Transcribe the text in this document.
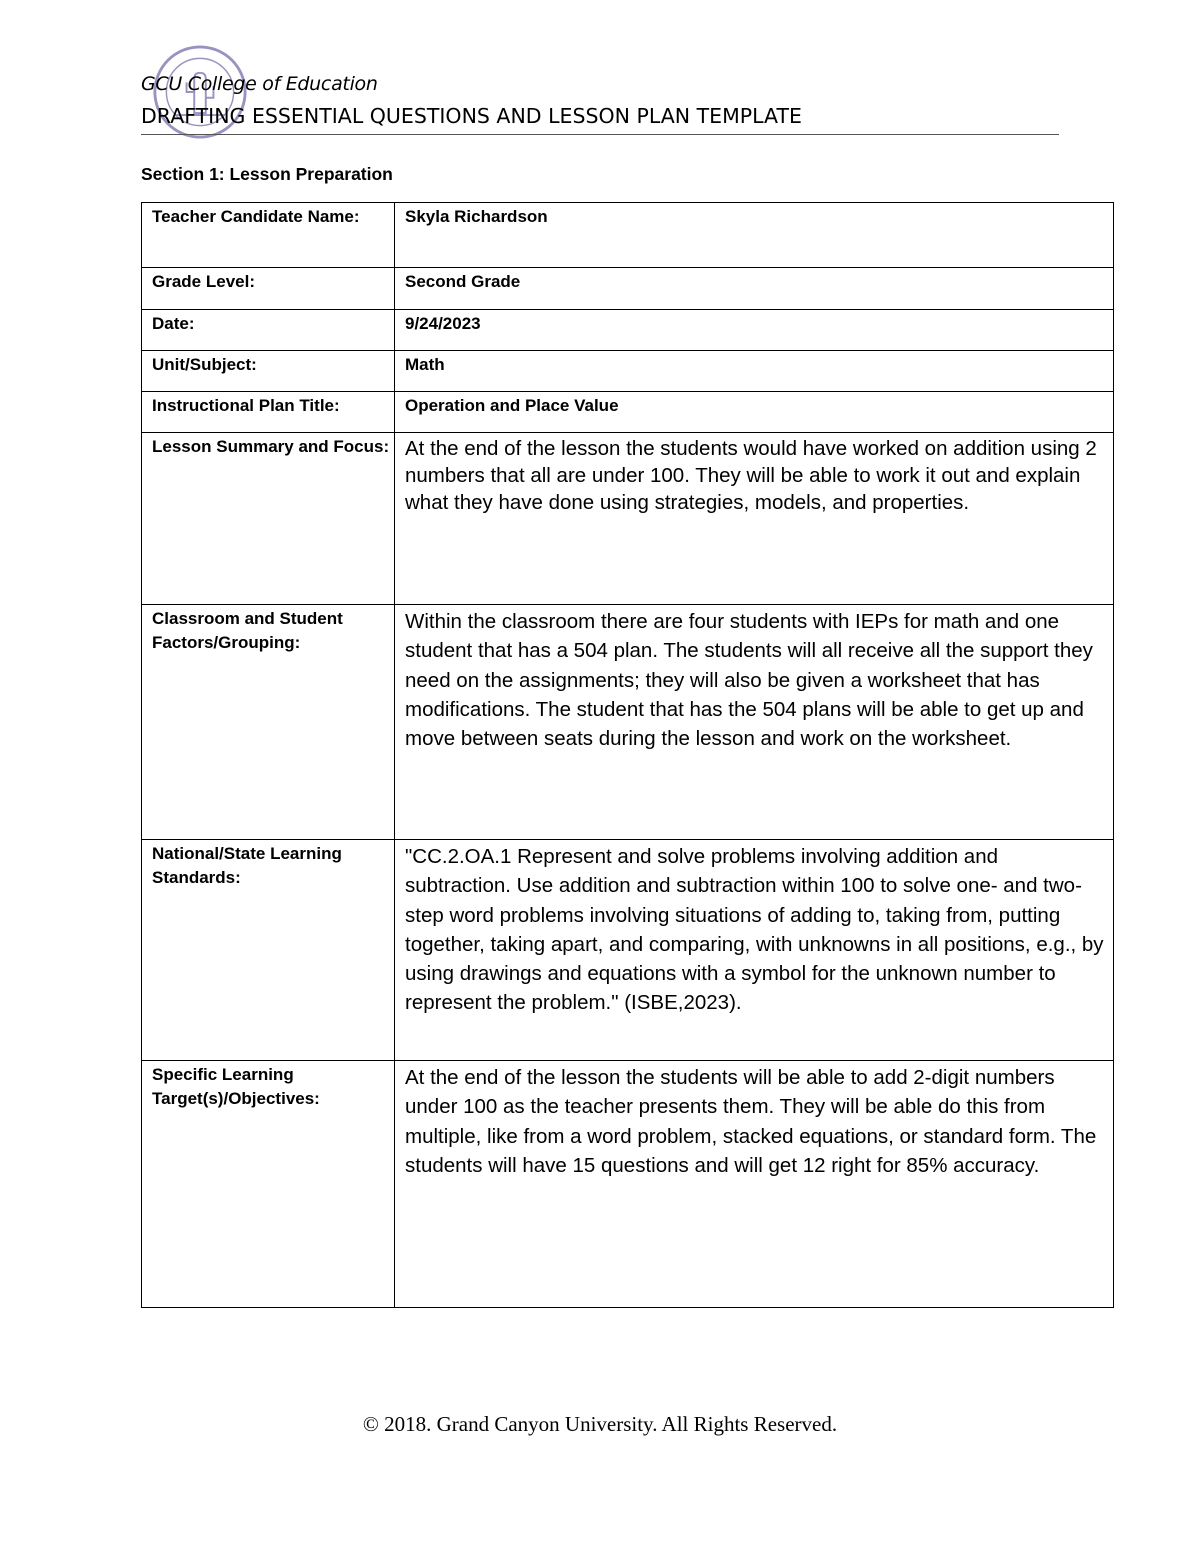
GCU College of Education
DRAFTING ESSENTIAL QUESTIONS AND LESSON PLAN TEMPLATE
Section 1: Lesson Preparation
Teacher Candidate Name:	Skyla Richardson
Grade Level:	Second Grade
Date:	9/24/2023
Unit/Subject:	Math
Instructional Plan Title:	Operation and Place Value
Lesson Summary and Focus:	At the end of the lesson the students would have worked on addition using 2 numbers that all are under 100. They will be able to work it out and explain what they have done using strategies, models, and properties.
Classroom and Student Factors/Grouping:	Within the classroom there are four students with IEPs for math and one student that has a 504 plan. The students will all receive all the support they need on the assignments; they will also be given a worksheet that has modifications. The student that has the 504 plans will be able to get up and move between seats during the lesson and work on the worksheet.
National/State Learning Standards:	"CC.2.OA.1 Represent and solve problems involving addition and subtraction. Use addition and subtraction within 100 to solve one- and two-step word problems involving situations of adding to, taking from, putting together, taking apart, and comparing, with unknowns in all positions, e.g., by using drawings and equations with a symbol for the unknown number to represent the problem." (ISBE,2023).
Specific Learning Target(s)/Objectives:	At the end of the lesson the students will be able to add 2-digit numbers under 100 as the teacher presents them. They will be able do this from multiple, like from a word problem, stacked equations, or standard form. The students will have 15 questions and will get 12 right for 85% accuracy.
© 2018. Grand Canyon University. All Rights Reserved.
